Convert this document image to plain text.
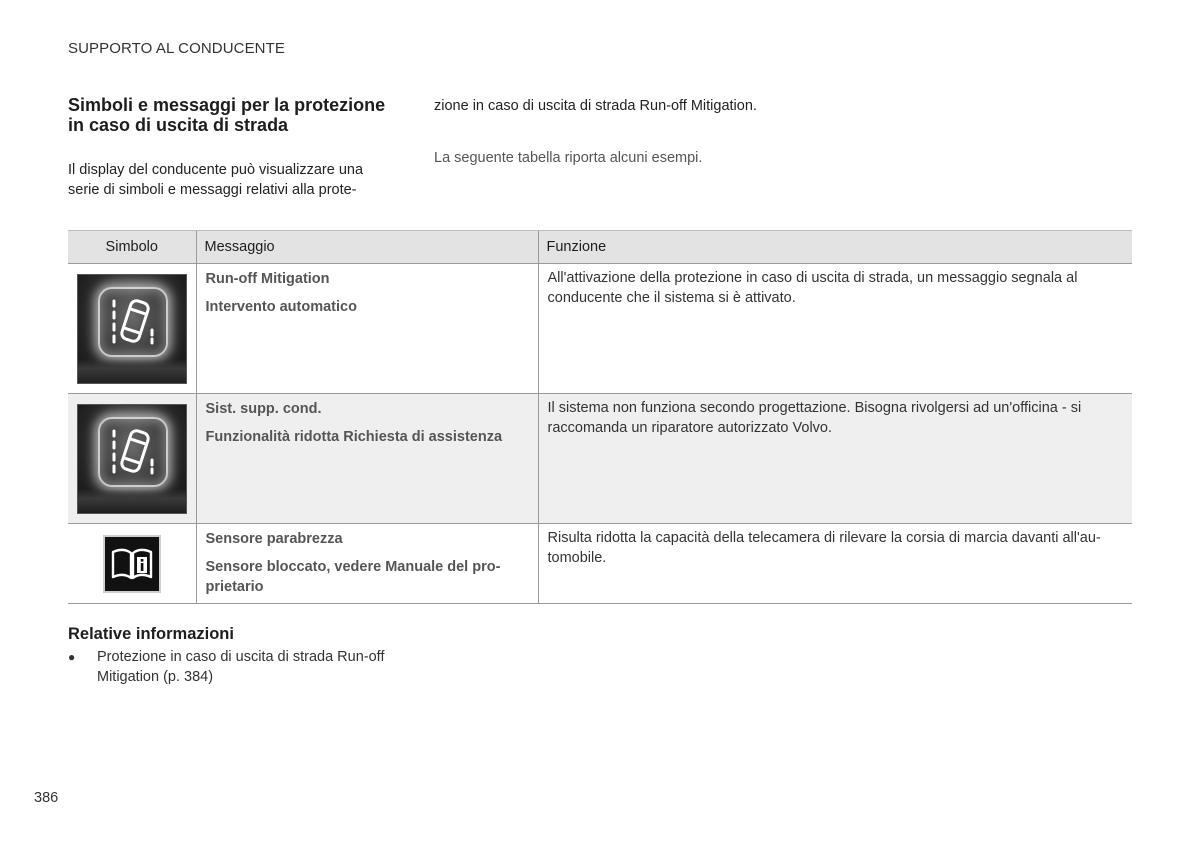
SUPPORTO AL CONDUCENTE
Simboli e messaggi per la protezione in caso di uscita di strada
Il display del conducente può visualizzare una serie di simboli e messaggi relativi alla prote-
zione in caso di uscita di strada Run-off Mitigation.
La seguente tabella riporta alcuni esempi.
Simbolo	Messaggio	Funzione

Run-off Mitigation
Intervento automatico	All'attivazione della protezione in caso di uscita di strada, un messaggio segnala al conducente che il sistema si è attivato.

Sist. supp. cond.
Funzionalità ridotta Richiesta di assistenza	Il sistema non funziona secondo progettazione. Bisogna rivolgersi ad un'officina - si raccomanda un riparatore autorizzato Volvo.

Sensore parabrezza
Sensore bloccato, vedere Manuale del pro-prietario	Risulta ridotta la capacità della telecamera di rilevare la corsia di marcia davanti all'au-tomobile.
Relative informazioni
● Protezione in caso di uscita di strada Run-off Mitigation (p. 384)
386
